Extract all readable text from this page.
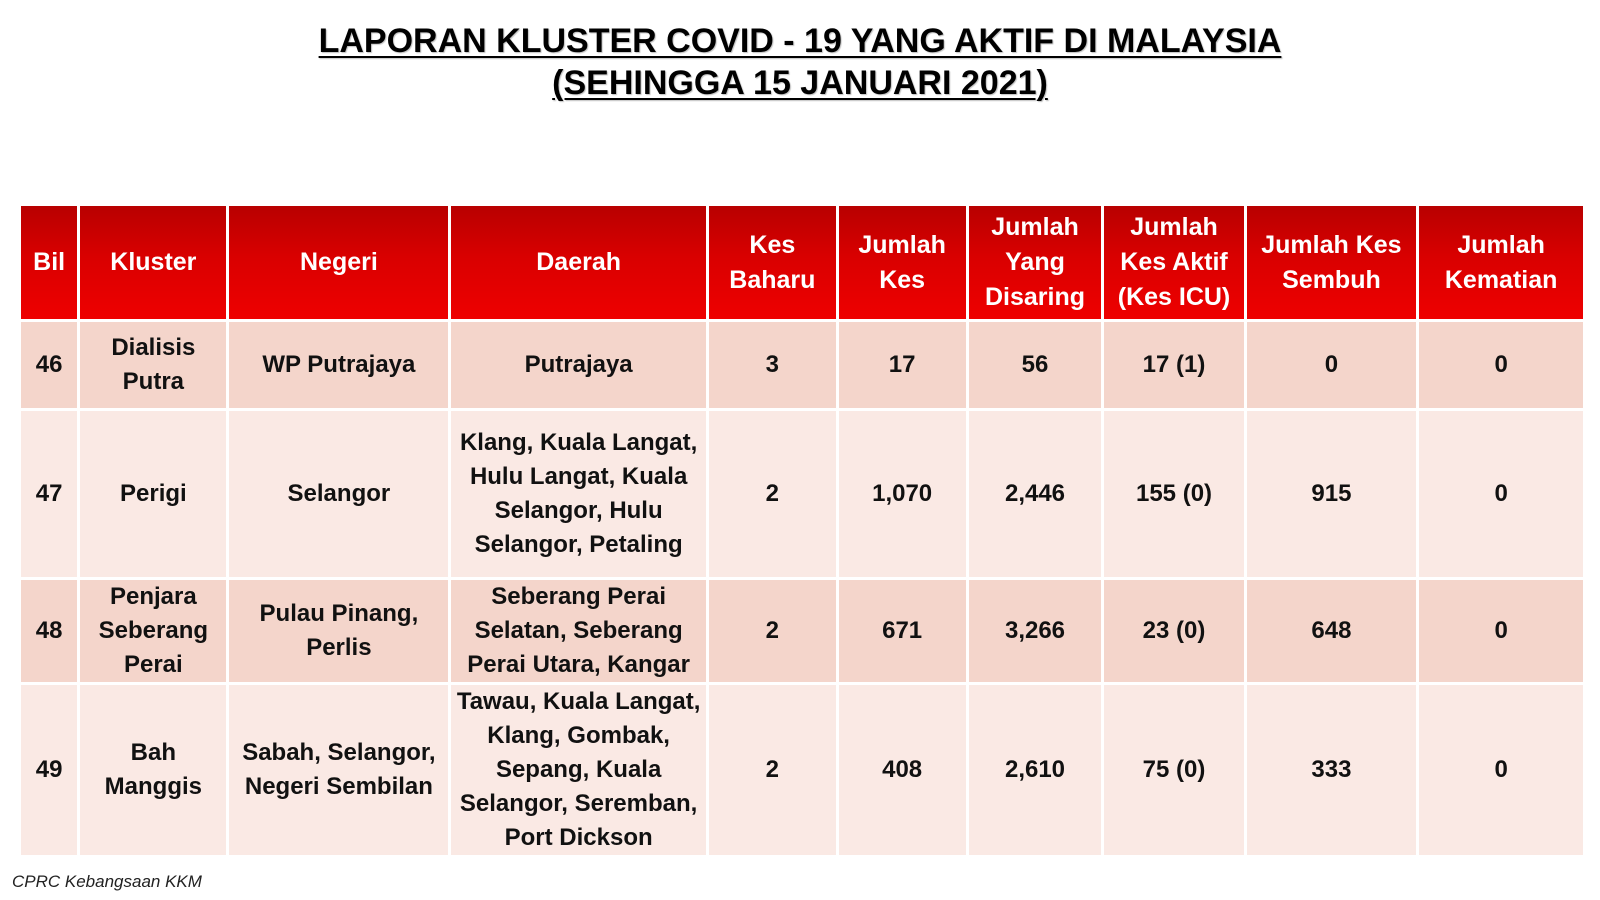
LAPORAN KLUSTER COVID - 19 YANG AKTIF DI MALAYSIA
(SEHINGGA 15 JANUARI 2021)
Bil	Kluster	Negeri	Daerah	Kes Baharu	Jumlah Kes	Jumlah Yang Disaring	Jumlah Kes Aktif (Kes ICU)	Jumlah Kes Sembuh	Jumlah Kematian
46	Dialisis Putra	WP Putrajaya	Putrajaya	3	17	56	17 (1)	0	0
47	Perigi	Selangor	Klang, Kuala Langat, Hulu Langat, Kuala Selangor, Hulu Selangor, Petaling	2	1,070	2,446	155 (0)	915	0
48	Penjara Seberang Perai	Pulau Pinang, Perlis	Seberang Perai Selatan, Seberang Perai Utara, Kangar	2	671	3,266	23 (0)	648	0
49	Bah Manggis	Sabah, Selangor, Negeri Sembilan	Tawau, Kuala Langat, Klang, Gombak, Sepang, Kuala Selangor, Seremban, Port Dickson	2	408	2,610	75 (0)	333	0
CPRC Kebangsaan KKM
